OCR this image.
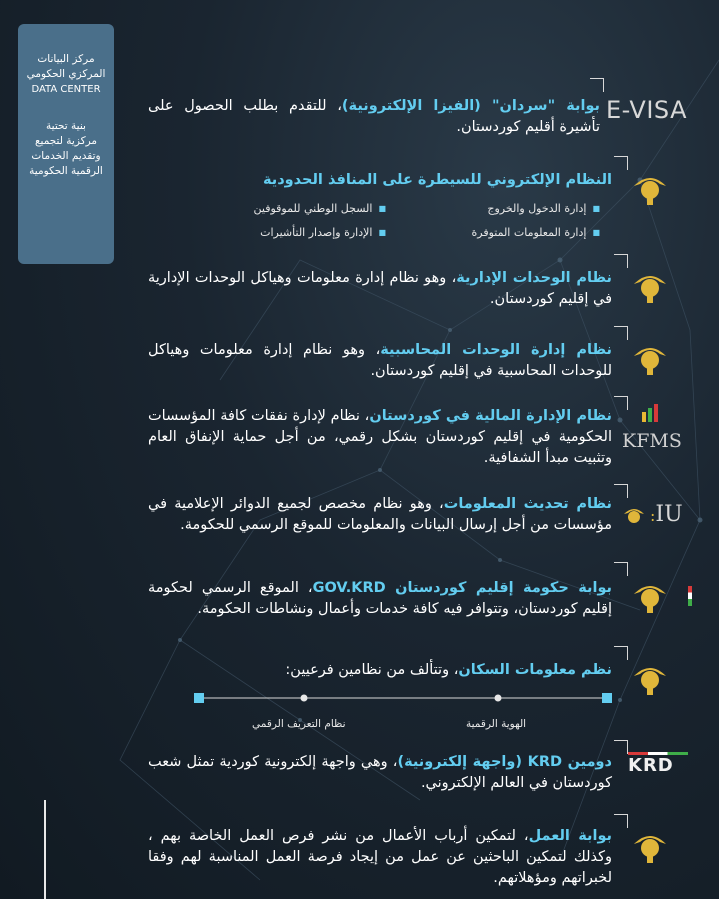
مركز البيانات
المركزي الحكومي
DATA CENTER
بنية تحتية
مركزية لتجميع
وتقديم الخدمات
الرقمية الحكومية
E-VISA
بوابة "سردان" (الفيزا الإلكترونية)، للتقدم بطلب الحصول على تأشيرة أقليم كوردستان.
النظام الإلكتروني للسيطرة على المنافذ الحدودية
■ إدارة الدخول والخروج
■ السجل الوطني للموقوفين
■ إدارة المعلومات المتوفرة
■ الإدارة وإصدار التأشيرات
نظام الوحدات الإدارية، وهو نظام إدارة معلومات وهياكل الوحدات الإدارية في إقليم كوردستان.
نظام إدارة الوحدات المحاسبية، وهو نظام إدارة معلومات وهياكل للوحدات المحاسبية في إقليم كوردستان.
KFMS
نظام الإدارة المالية في كوردستان، نظام لإدارة نفقات كافة المؤسسات الحكومية في إقليم كوردستان بشكل رقمي، من أجل حماية الإنفاق العام وتثبيت مبدأ الشفافية.
:IU
نظام تحديث المعلومات، وهو نظام مخصص لجميع الدوائر الإعلامية في مؤسسات من أجل إرسال البيانات والمعلومات للموقع الرسمي للحكومة.
بوابة حكومة إقليم كوردستان GOV.KRD، الموقع الرسمي لحكومة إقليم كوردستان، وتتوافر فيه كافة خدمات وأعمال ونشاطات الحكومة.
نظم معلومات السكان، وتتألف من نظامين فرعيين:
الهوية الرقمية
نظام التعريف الرقمي
KRD
دومين KRD (واجهة إلكترونية)، وهي واجهة إلكترونية كوردية تمثل شعب كوردستان في العالم الإلكتروني.
بوابة العمل، لتمكين أرباب الأعمال من نشر فرص العمل الخاصة بهم ، وكذلك لتمكين الباحثين عن عمل من إيجاد فرصة العمل المناسبة لهم وفقا لخبراتهم ومؤهلاتهم.
